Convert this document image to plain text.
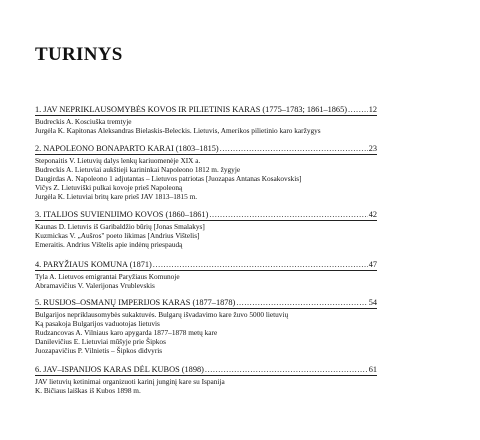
TURINYS
1. JAV NEPRIKLAUSOMYBĖS KOVOS IR PILIETINIS KARAS (1775–1783; 1861–1865) .....	12
Budreckis A. Kosciuška tremtyje
Jurgėla K. Kapitonas Aleksandras Bielaskis-Beleckis. Lietuvis, Amerikos pilietinio karo karžygys
2. NAPOLEONO BONAPARTO KARAI (1803–1815) .....	23
Steponaitis V. Lietuvių dalys lenkų kariuomenėje XIX a.
Budreckis A. Lietuviai aukštieji karininkai Napoleono 1812 m. žygyje
Daugirdas A. Napoleono 1 adjutantas – Lietuvos patriotas [Juozapas Antanas Kosakovskis]
Vičys Z. Lietuviški pulkai kovoje prieš Napoleoną
Jurgėla K. Lietuviai britų kare prieš JAV 1813–1815 m.
3. ITALIJOS SUVIENIJIMO KOVOS (1860–1861) .....	42
Kaunas D. Lietuvis iš Garibaldžio būrių [Jonas Smalakys]
Kuzmickas V. „Aušros" poeto likimas [Andrius Vištelis]
Emeraitis. Andrius Vištelis apie indėnų priespaudą
4. PARYŽIAUS KOMUNA (1871) .....	47
Tyla A. Lietuvos emigrantai Paryžiaus Komunoje
Abramavičius V. Valerijonas Vrublevskis
5. RUSIJOS–OSMANŲ IMPERIJOS KARAS (1877–1878) .....	54
Bulgarijos nepriklausomybės sukaktuvės. Bulgarų išvadavimo kare žuvo 5000 lietuvių
Ką pasakoja Bulgarijos vaduotojas lietuvis
Rudzancovas A. Vilniaus karo apygarda 1877–1878 metų kare
Danilevičius E. Lietuviai mūšyje prie Šipkos
Juozapavičius P. Vilnietis – Šipkos didvyris
6. JAV–ISPANIJOS KARAS DĖL KUBOS (1898) .....	61
JAV lietuvių ketinimai organizuoti karinį junginį kare su Ispanija
K. Bičiaus laiškas iš Kubos 1898 m.
